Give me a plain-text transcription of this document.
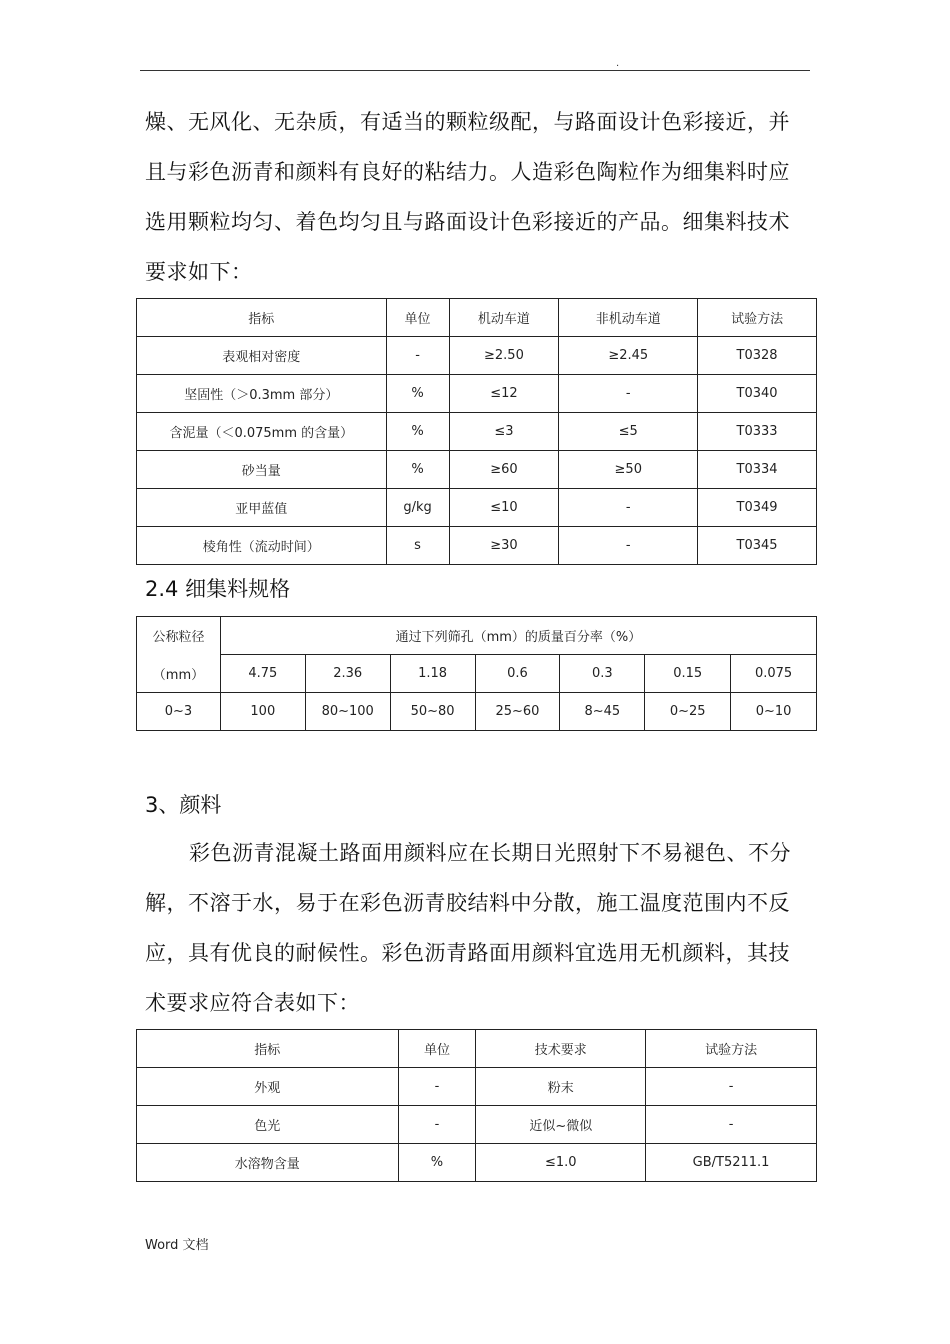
.

燥、无风化、无杂质，有适当的颗粒级配，与路面设计色彩接近，并

且与彩色沥青和颜料有良好的粘结力。人造彩色陶粒作为细集料时应

选用颗粒均匀、着色均匀且与路面设计色彩接近的产品。细集料技术

要求如下：

指标	单位	机动车道	非机动车道	试验方法
表观相对密度	-	≥2.50	≥2.45	T0328
坚固性（＞0.3mm 部分）	%	≤12	-	T0340
含泥量（＜0.075mm 的含量）	%	≤3	≤5	T0333
砂当量	%	≥60	≥50	T0334
亚甲蓝值	g/kg	≤10	-	T0349
棱角性（流动时间）	s	≥30	-	T0345
2.4 细集料规格
公称粒径	通过下列筛孔（mm）的质量百分率（%）						
（mm）	4.75	2.36	1.18	0.6	0.3	0.15	0.075
0~3	100	80~100	50~80	25~60	8~45	0~25	0~10
3、颜料

彩色沥青混凝土路面用颜料应在长期日光照射下不易褪色、不分

解，不溶于水，易于在彩色沥青胶结料中分散，施工温度范围内不反

应，具有优良的耐候性。彩色沥青路面用颜料宜选用无机颜料，其技

术要求应符合表如下：

指标	单位	技术要求	试验方法
外观	-	粉末	-
色光	-	近似~微似	-
水溶物含量	%	≤1.0	GB/T5211.1
Word 文档
